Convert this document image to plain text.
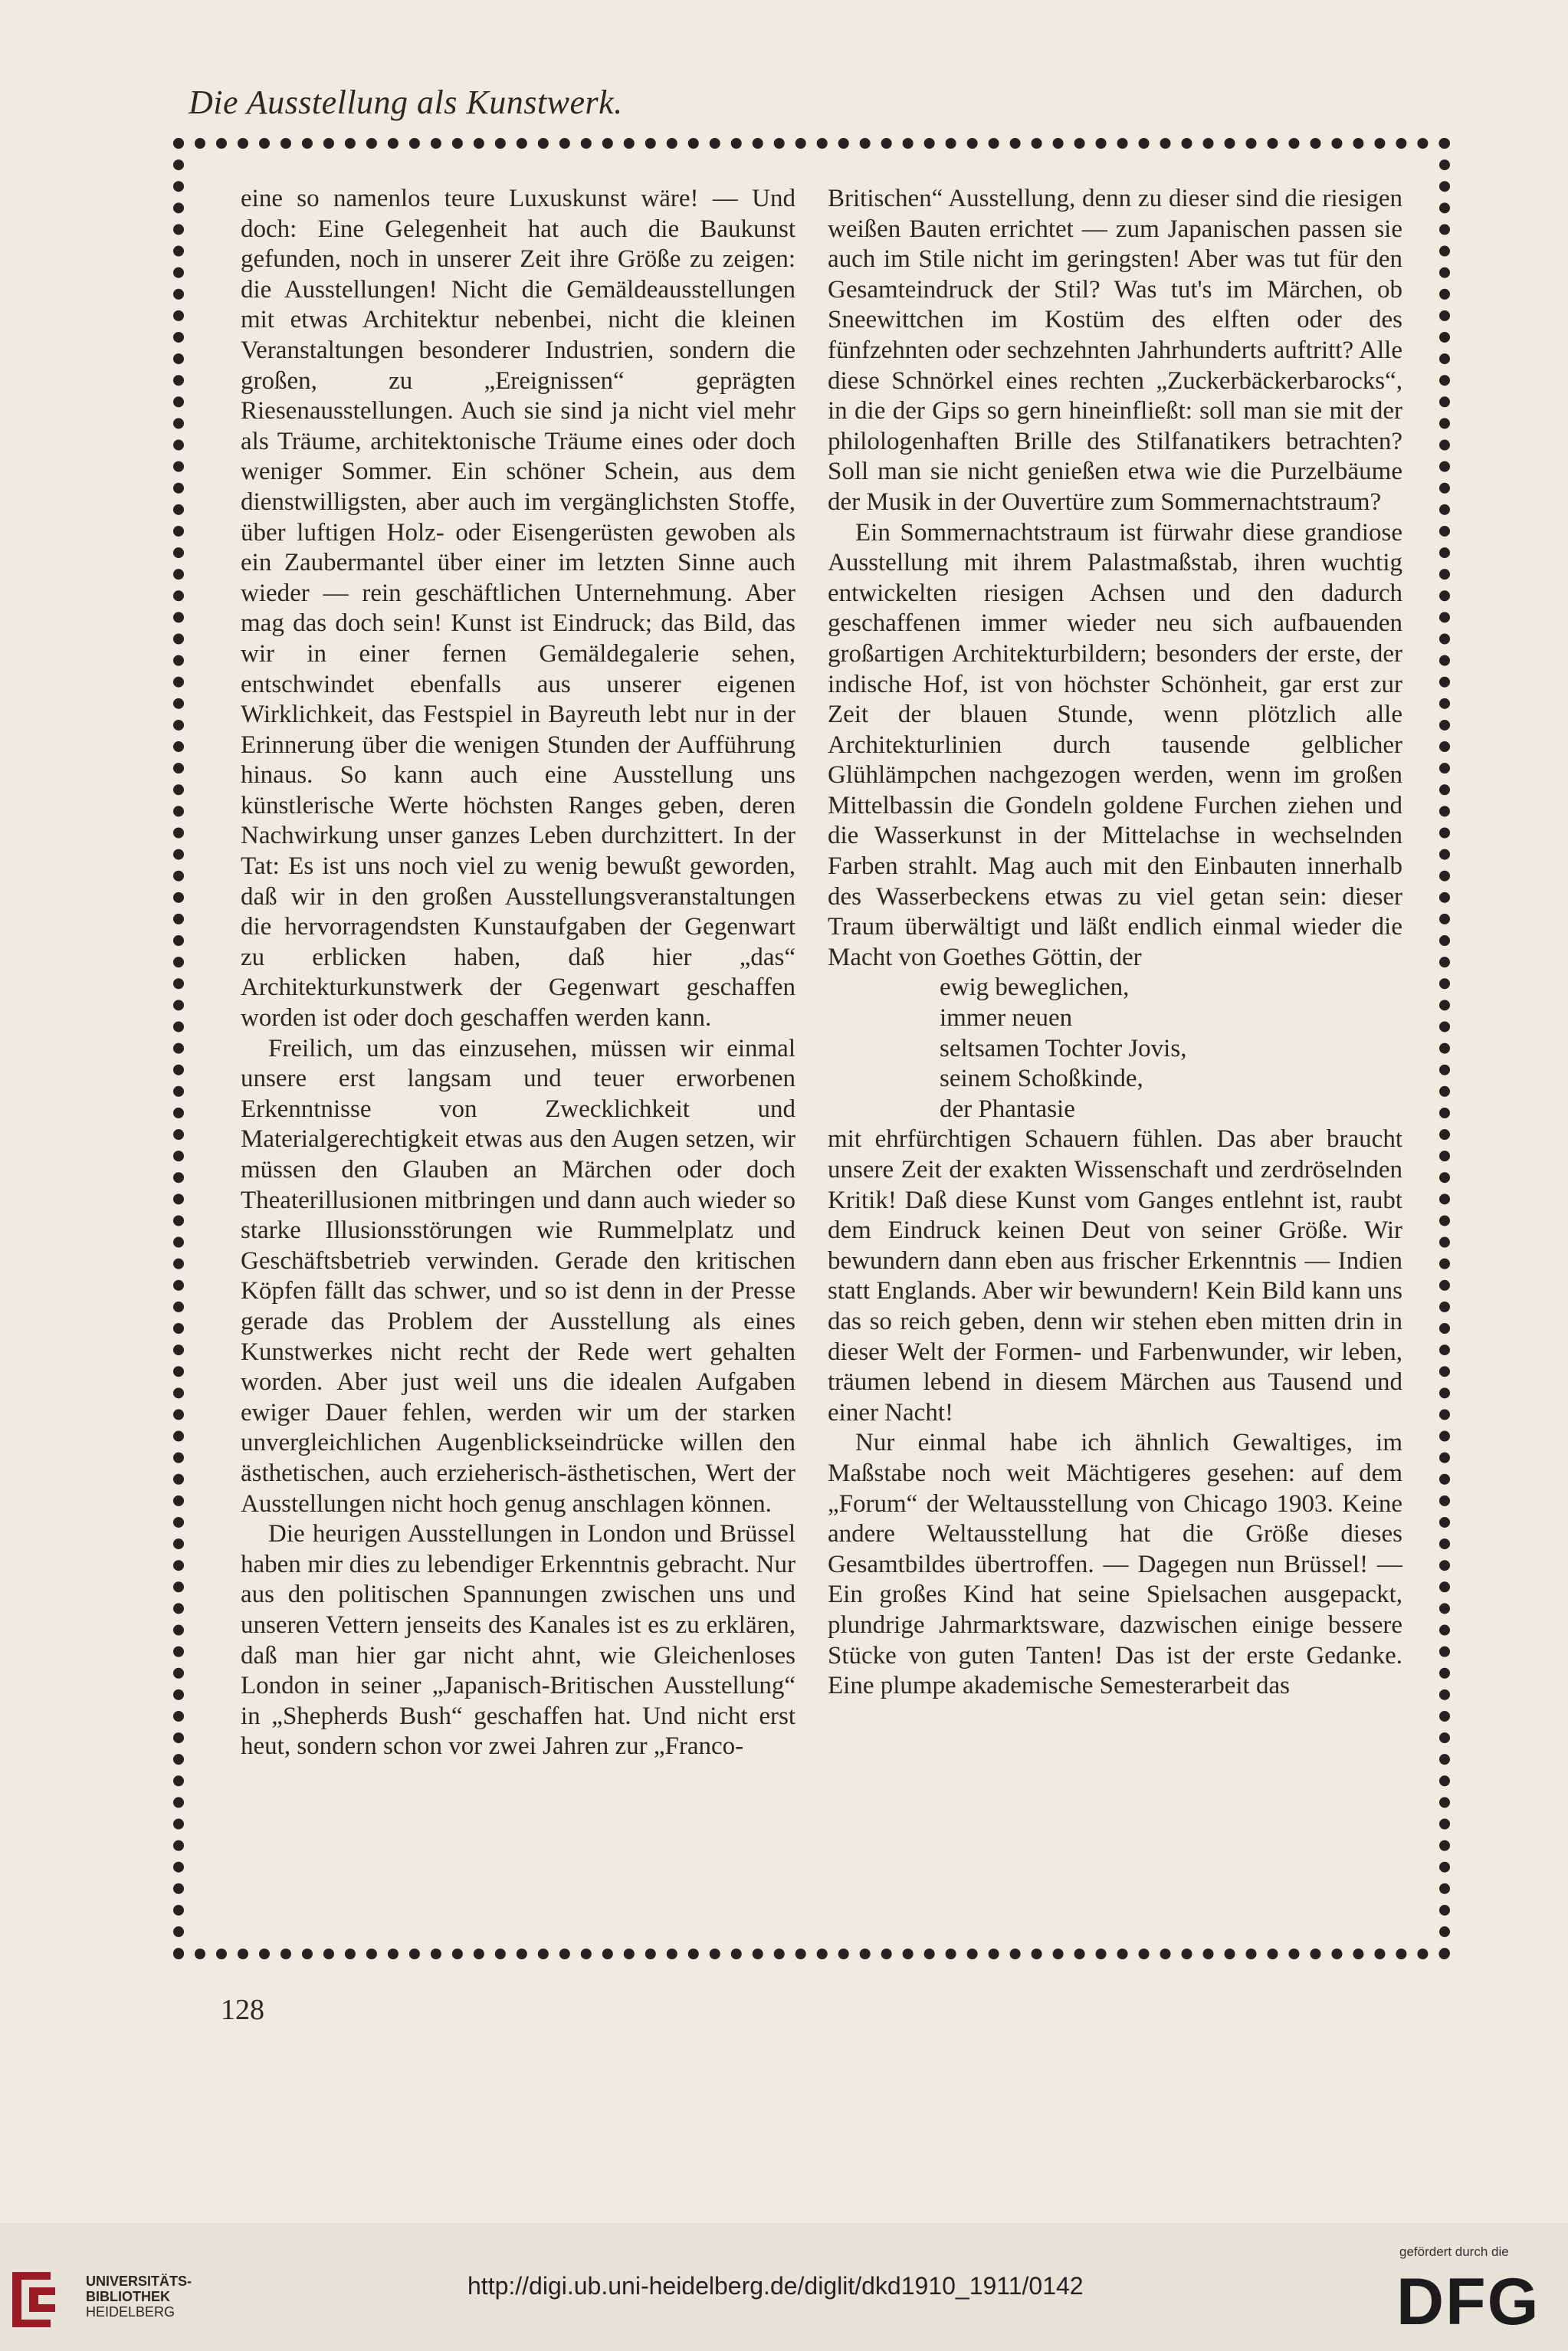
Die Ausstellung als Kunstwerk.

eine so namenlos teure Luxuskunst wäre! — Und doch: Eine Gelegenheit hat auch die Baukunst gefunden, noch in unserer Zeit ihre Größe zu zeigen: die Ausstellungen! Nicht die Gemäldeausstellungen mit etwas Architektur nebenbei, nicht die kleinen Veranstaltungen besonderer Industrien, sondern die großen, zu „Ereignissen“ geprägten Riesenausstellungen. Auch sie sind ja nicht viel mehr als Träume, architektonische Träume eines oder doch weniger Sommer. Ein schöner Schein, aus dem dienstwilligsten, aber auch im vergänglichsten Stoffe, über luftigen Holz- oder Eisengerüsten gewoben als ein Zaubermantel über einer im letzten Sinne auch wieder — rein geschäftlichen Unternehmung. Aber mag das doch sein! Kunst ist Eindruck; das Bild, das wir in einer fernen Gemäldegalerie sehen, entschwindet ebenfalls aus unserer eigenen Wirklichkeit, das Festspiel in Bayreuth lebt nur in der Erinnerung über die wenigen Stunden der Aufführung hinaus. So kann auch eine Ausstellung uns künstlerische Werte höchsten Ranges geben, deren Nachwirkung unser ganzes Leben durchzittert. In der Tat: Es ist uns noch viel zu wenig bewußt geworden, daß wir in den großen Ausstellungsveranstaltungen die hervorragendsten Kunstaufgaben der Gegenwart zu erblicken haben, daß hier „das“ Architekturkunstwerk der Gegenwart geschaffen worden ist oder doch geschaffen werden kann.

Freilich, um das einzusehen, müssen wir einmal unsere erst langsam und teuer erworbenen Erkenntnisse von Zwecklichkeit und Materialgerechtigkeit etwas aus den Augen setzen, wir müssen den Glauben an Märchen oder doch Theaterillusionen mitbringen und dann auch wieder so starke Illusionsstörungen wie Rummelplatz und Geschäftsbetrieb verwinden. Gerade den kritischen Köpfen fällt das schwer, und so ist denn in der Presse gerade das Problem der Ausstellung als eines Kunstwerkes nicht recht der Rede wert gehalten worden. Aber just weil uns die idealen Aufgaben ewiger Dauer fehlen, werden wir um der starken unvergleichlichen Augenblickseindrücke willen den ästhetischen, auch erzieherisch-ästhetischen, Wert der Ausstellungen nicht hoch genug anschlagen können.

Die heurigen Ausstellungen in London und Brüssel haben mir dies zu lebendiger Erkenntnis gebracht. Nur aus den politischen Spannungen zwischen uns und unseren Vettern jenseits des Kanales ist es zu erklären, daß man hier gar nicht ahnt, wie Gleichenloses London in seiner „Japanisch-Britischen Ausstellung“ in „Shepherds Bush“ geschaffen hat. Und nicht erst heut, sondern schon vor zwei Jahren zur „Franco-

Britischen“ Ausstellung, denn zu dieser sind die riesigen weißen Bauten errichtet — zum Japanischen passen sie auch im Stile nicht im geringsten! Aber was tut für den Gesamteindruck der Stil? Was tut's im Märchen, ob Sneewittchen im Kostüm des elften oder des fünfzehnten oder sechzehnten Jahrhunderts auftritt? Alle diese Schnörkel eines rechten „Zuckerbäckerbarocks“, in die der Gips so gern hineinfließt: soll man sie mit der philologenhaften Brille des Stilfanatikers betrachten? Soll man sie nicht genießen etwa wie die Purzelbäume der Musik in der Ouvertüre zum Sommernachtstraum?

Ein Sommernachtstraum ist fürwahr diese grandiose Ausstellung mit ihrem Palastmaßstab, ihren wuchtig entwickelten riesigen Achsen und den dadurch geschaffenen immer wieder neu sich aufbauenden großartigen Architekturbildern; besonders der erste, der indische Hof, ist von höchster Schönheit, gar erst zur Zeit der blauen Stunde, wenn plötzlich alle Architekturlinien durch tausende gelblicher Glühlämpchen nachgezogen werden, wenn im großen Mittelbassin die Gondeln goldene Furchen ziehen und die Wasserkunst in der Mittelachse in wechselnden Farben strahlt. Mag auch mit den Einbauten innerhalb des Wasserbeckens etwas zu viel getan sein: dieser Traum überwältigt und läßt endlich einmal wieder die Macht von Goethes Göttin, der

ewig beweglichen,
immer neuen
seltsamen Tochter Jovis,
seinem Schoßkinde,
der Phantasie

mit ehrfürchtigen Schauern fühlen. Das aber braucht unsere Zeit der exakten Wissenschaft und zerdröselnden Kritik! Daß diese Kunst vom Ganges entlehnt ist, raubt dem Eindruck keinen Deut von seiner Größe. Wir bewundern dann eben aus frischer Erkenntnis — Indien statt Englands. Aber wir bewundern! Kein Bild kann uns das so reich geben, denn wir stehen eben mitten drin in dieser Welt der Formen- und Farbenwunder, wir leben, träumen lebend in diesem Märchen aus Tausend und einer Nacht!

Nur einmal habe ich ähnlich Gewaltiges, im Maßstabe noch weit Mächtigeres gesehen: auf dem „Forum“ der Weltausstellung von Chicago 1903. Keine andere Weltausstellung hat die Größe dieses Gesamtbildes übertroffen. — Dagegen nun Brüssel! — Ein großes Kind hat seine Spielsachen ausgepackt, plundrige Jahrmarktsware, dazwischen einige bessere Stücke von guten Tanten! Das ist der erste Gedanke. Eine plumpe akademische Semesterarbeit das

128
UNIVERSITÄTS-
BIBLIOTHEK
HEIDELBERG
http://digi.ub.uni-heidelberg.de/diglit/dkd1910_1911/0142
gefördert durch die
DFG
